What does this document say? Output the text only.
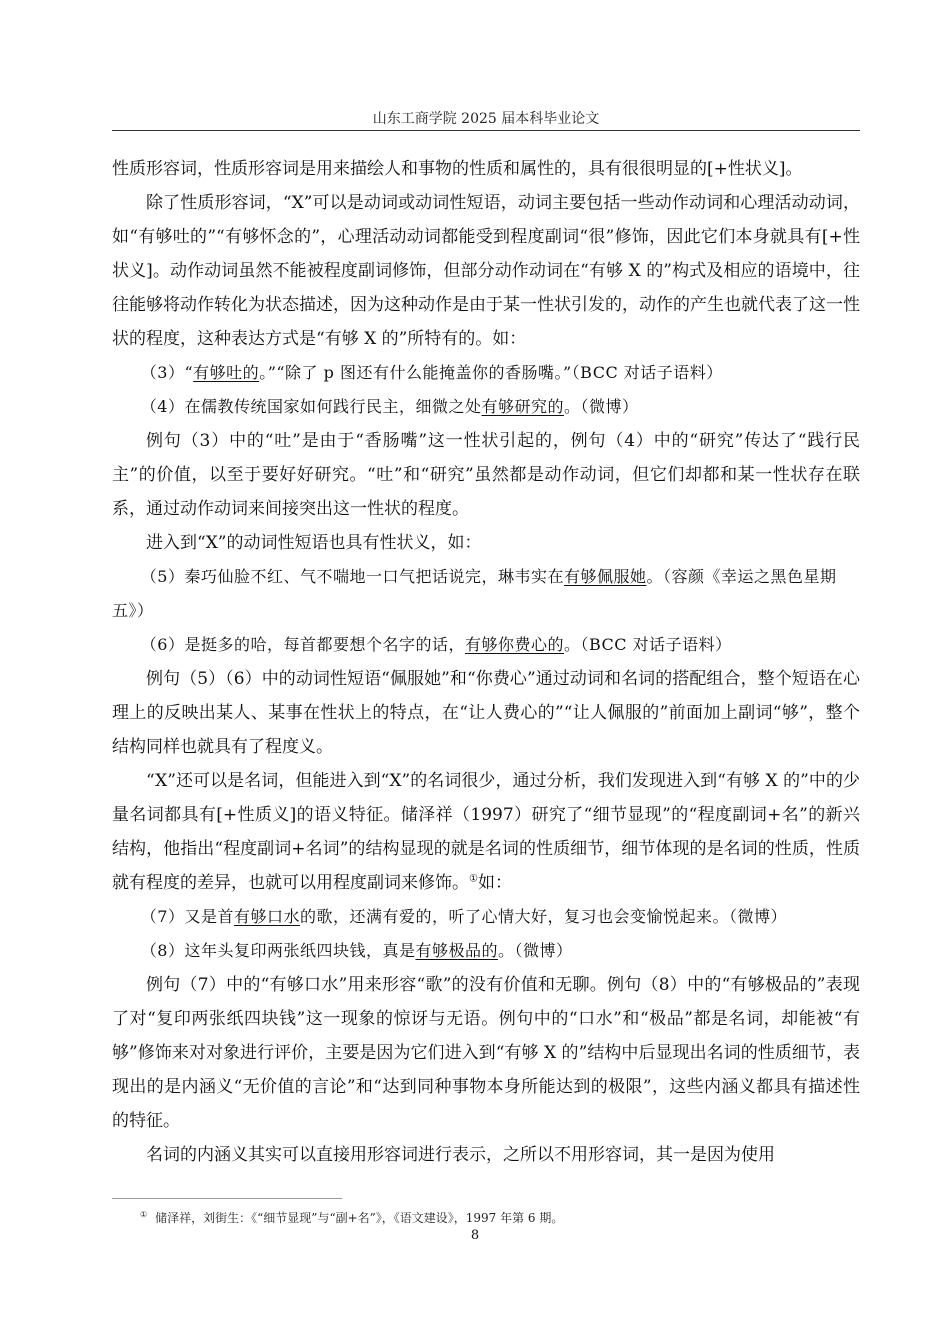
山东工商学院 2025 届本科毕业论文

性质形容词，性质形容词是用来描绘人和事物的性质和属性的，具有很很明显的[+性状义]。

除了性质形容词，“X”可以是动词或动词性短语，动词主要包括一些动作动词和心理活动动词，如“有够吐的”“有够怀念的”，心理活动动词都能受到程度副词“很”修饰，因此它们本身就具有[+性状义]。动作动词虽然不能被程度副词修饰，但部分动作动词在“有够 X 的”构式及相应的语境中，往往能够将动作转化为状态描述，因为这种动作是由于某一性状引发的，动作的产生也就代表了这一性状的程度，这种表达方式是“有够 X 的”所特有的。如：

（3）“有够吐的。”“除了 p 图还有什么能掩盖你的香肠嘴。”（BCC 对话子语料）

（4）在儒教传统国家如何践行民主，细微之处有够研究的。（微博）

例句（3）中的“吐”是由于“香肠嘴”这一性状引起的，例句（4）中的“研究”传达了“践行民主”的价值，以至于要好好研究。“吐”和“研究”虽然都是动作动词，但它们却都和某一性状存在联系，通过动作动词来间接突出这一性状的程度。

进入到“X”的动词性短语也具有性状义，如：

（5）秦巧仙脸不红、气不喘地一口气把话说完，琳韦实在有够佩服她。（容颜《幸运之黑色星期五》）

（6）是挺多的哈，每首都要想个名字的话，有够你费心的。（BCC 对话子语料）

例句（5）（6）中的动词性短语“佩服她”和“你费心”通过动词和名词的搭配组合，整个短语在心理上的反映出某人、某事在性状上的特点，在“让人费心的”“让人佩服的”前面加上副词“够”，整个结构同样也就具有了程度义。

“X”还可以是名词，但能进入到“X”的名词很少，通过分析，我们发现进入到“有够 X 的”中的少量名词都具有[+性质义]的语义特征。储泽祥（1997）研究了“细节显现”的“程度副词+名”的新兴结构，他指出“程度副词+名词”的结构显现的就是名词的性质细节，细节体现的是名词的性质，性质就有程度的差异，也就可以用程度副词来修饰。①如：

（7）又是首有够口水的歌，还满有爱的，听了心情大好，复习也会变愉悦起来。（微博）

（8）这年头复印两张纸四块钱，真是有够极品的。（微博）

例句（7）中的“有够口水”用来形容“歌”的没有价值和无聊。例句（8）中的“有够极品的”表现了对“复印两张纸四块钱”这一现象的惊讶与无语。例句中的“口水”和“极品”都是名词，却能被“有够”修饰来对对象进行评价，主要是因为它们进入到“有够 X 的”结构中后显现出名词的性质细节，表现出的是内涵义“无价值的言论”和“达到同种事物本身所能达到的极限”，这些内涵义都具有描述性的特征。

名词的内涵义其实可以直接用形容词进行表示，之所以不用形容词，其一是因为使用

① 储泽祥，刘街生：《“细节显现”与“副+名”》，《语文建设》，1997 年第 6 期。
8
